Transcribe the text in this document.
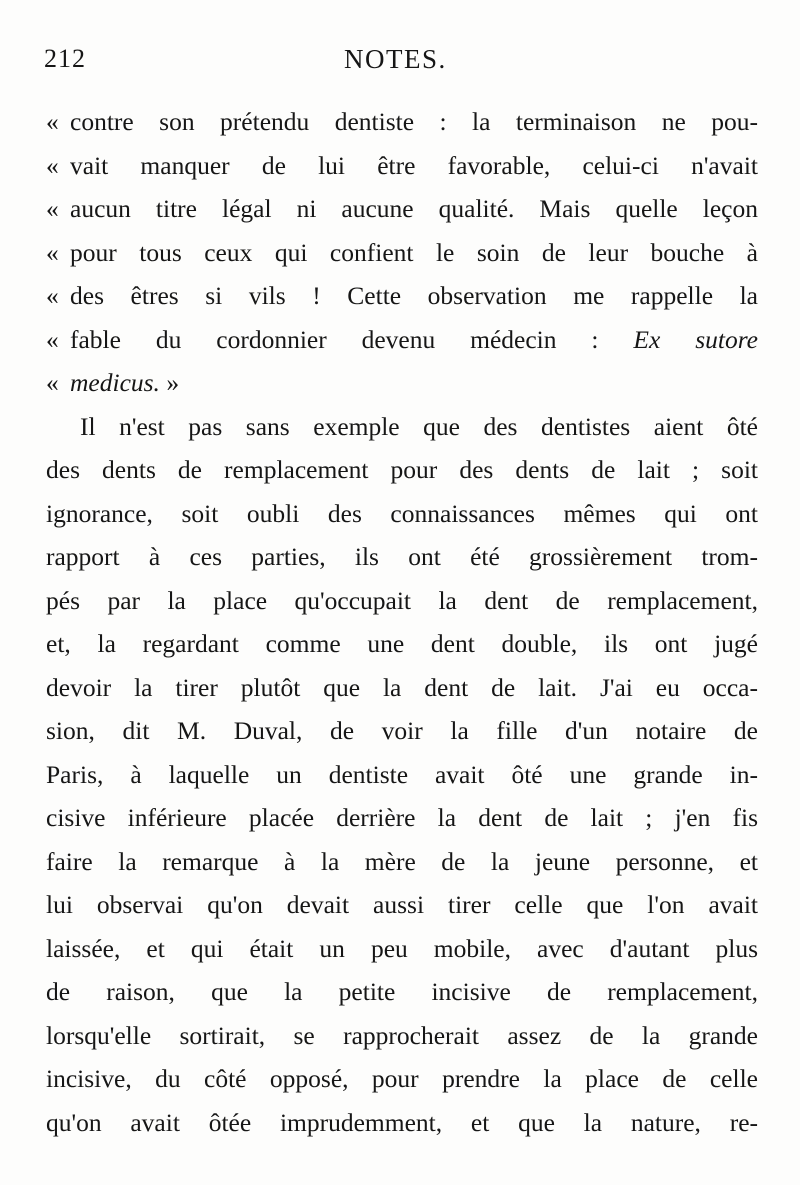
212	NOTES.
« contre son prétendu dentiste : la terminaison ne pou-
« vait manquer de lui être favorable, celui-ci n'avait
« aucun titre légal ni aucune qualité. Mais quelle leçon
« pour tous ceux qui confient le soin de leur bouche à
« des êtres si vils ! Cette observation me rappelle la
« fable du cordonnier devenu médecin : Ex sutore
« medicus. »
Il n'est pas sans exemple que des dentistes aient ôté
des dents de remplacement pour des dents de lait ; soit
ignorance, soit oubli des connaissances mêmes qui ont
rapport à ces parties, ils ont été grossièrement trom-
pés par la place qu'occupait la dent de remplacement,
et, la regardant comme une dent double, ils ont jugé
devoir la tirer plutôt que la dent de lait. J'ai eu occa-
sion, dit M. Duval, de voir la fille d'un notaire de
Paris, à laquelle un dentiste avait ôté une grande in-
cisive inférieure placée derrière la dent de lait ; j'en fis
faire la remarque à la mère de la jeune personne, et
lui observai qu'on devait aussi tirer celle que l'on avait
laissée, et qui était un peu mobile, avec d'autant plus
de raison, que la petite incisive de remplacement,
lorsqu'elle sortirait, se rapprocherait assez de la grande
incisive, du côté opposé, pour prendre la place de celle
qu'on avait ôtée imprudemment, et que la nature, re-
